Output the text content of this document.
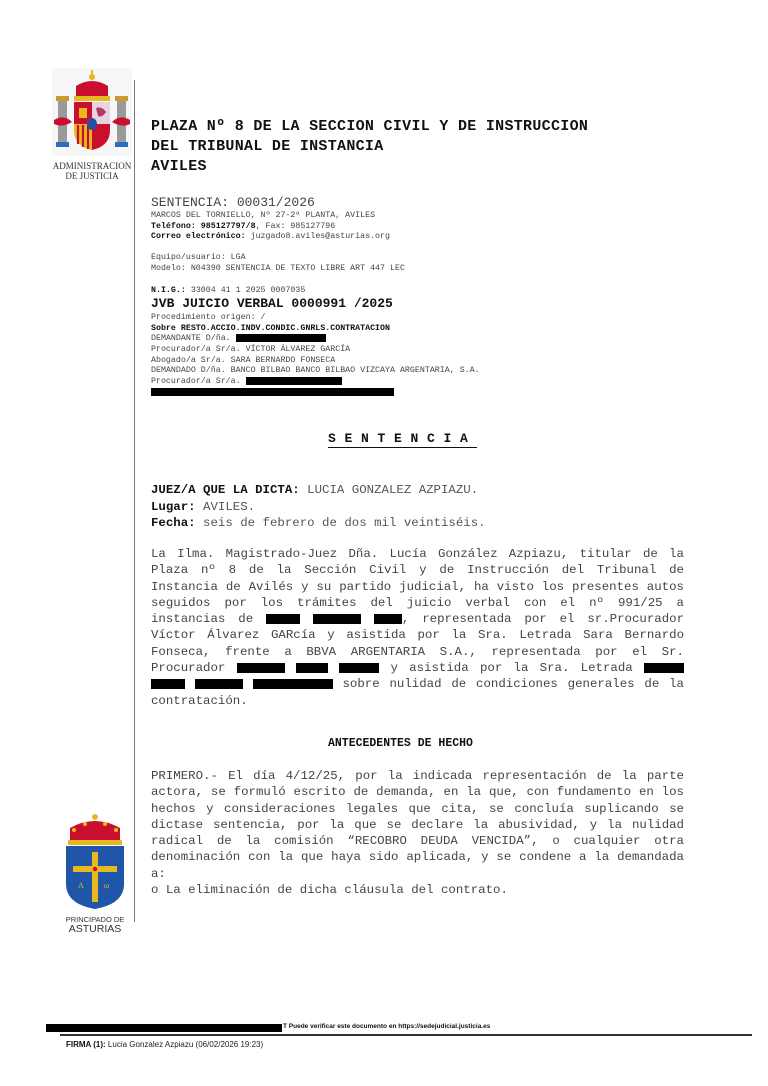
ADMINISTRACION
DE JUSTICIA
PLAZA Nº 8 DE LA SECCION CIVIL Y DE INSTRUCCION
DEL TRIBUNAL DE INSTANCIA
AVILES
SENTENCIA: 00031/2026
MARCOS DEL TORNIELLO, Nº 27-2ª PLANTA, AVILES
Teléfono: 985127797/8, Fax: 985127796
Correo electrónico: juzgado8.aviles@asturias.org
Equipo/usuario: LGA
Modelo: N04390 SENTENCIA DE TEXTO LIBRE ART 447 LEC
N.I.G.: 33004 41 1 2025 0007035
JVB JUICIO VERBAL 0000991 /2025
Procedimiento origen: /
Sobre RESTO.ACCIO.INDV.CONDIC.GNRLS.CONTRATACION
DEMANDANTE D/ña.
Procurador/a Sr/a. VÍCTOR ÁLVAREZ GARCÍA
Abogado/a Sr/a. SARA BERNARDO FONSECA
DEMANDADO D/ña. BANCO BILBAO BANCO BILBAO VIZCAYA ARGENTARIA, S.A.
Procurador/a Sr/a.
SENTENCIA
JUEZ/A QUE LA DICTA: LUCIA GONZALEZ AZPIAZU.
Lugar: AVILES.
Fecha: seis de febrero de dos mil veintiséis.
La Ilma. Magistrado-Juez Dña. Lucía González Azpiazu, titular de la Plaza nº 8 de la Sección Civil y de Instrucción del Tribunal de Instancia de Avilés y su partido judicial, ha visto los presentes autos seguidos por los trámites del juicio verbal con el nº 991/25 a instancias de	, representada por el sr.Procurador Víctor Álvarez GARcía y asistida por la Sra. Letrada Sara Bernardo Fonseca, frente a BBVA ARGENTARIA S.A., representada por el Sr. Procurador	y asistida por la Sra. Letrada     sobre nulidad de condiciones generales de la contratación.
ANTECEDENTES DE HECHO
PRIMERO.- El día 4/12/25, por la indicada representación de la parte actora, se formuló escrito de demanda, en la que, con fundamento en los hechos y consideraciones legales que cita, se concluía suplicando se dictase sentencia, por la que se declare la abusividad, y la nulidad radical de la comisión “RECOBRO DEUDA VENCIDA”, o cualquier otra denominación con la que haya sido aplicada, y se condene a la demandada a:
o La eliminación de dicha cláusula del contrato.
A	ω
PRINCIPADO DE
ASTURIAS
T Puede verificar este documento en https://sedejudicial.justicia.es
FIRMA (1): Lucia Gonzalez Azpiazu (06/02/2026 19:23)
